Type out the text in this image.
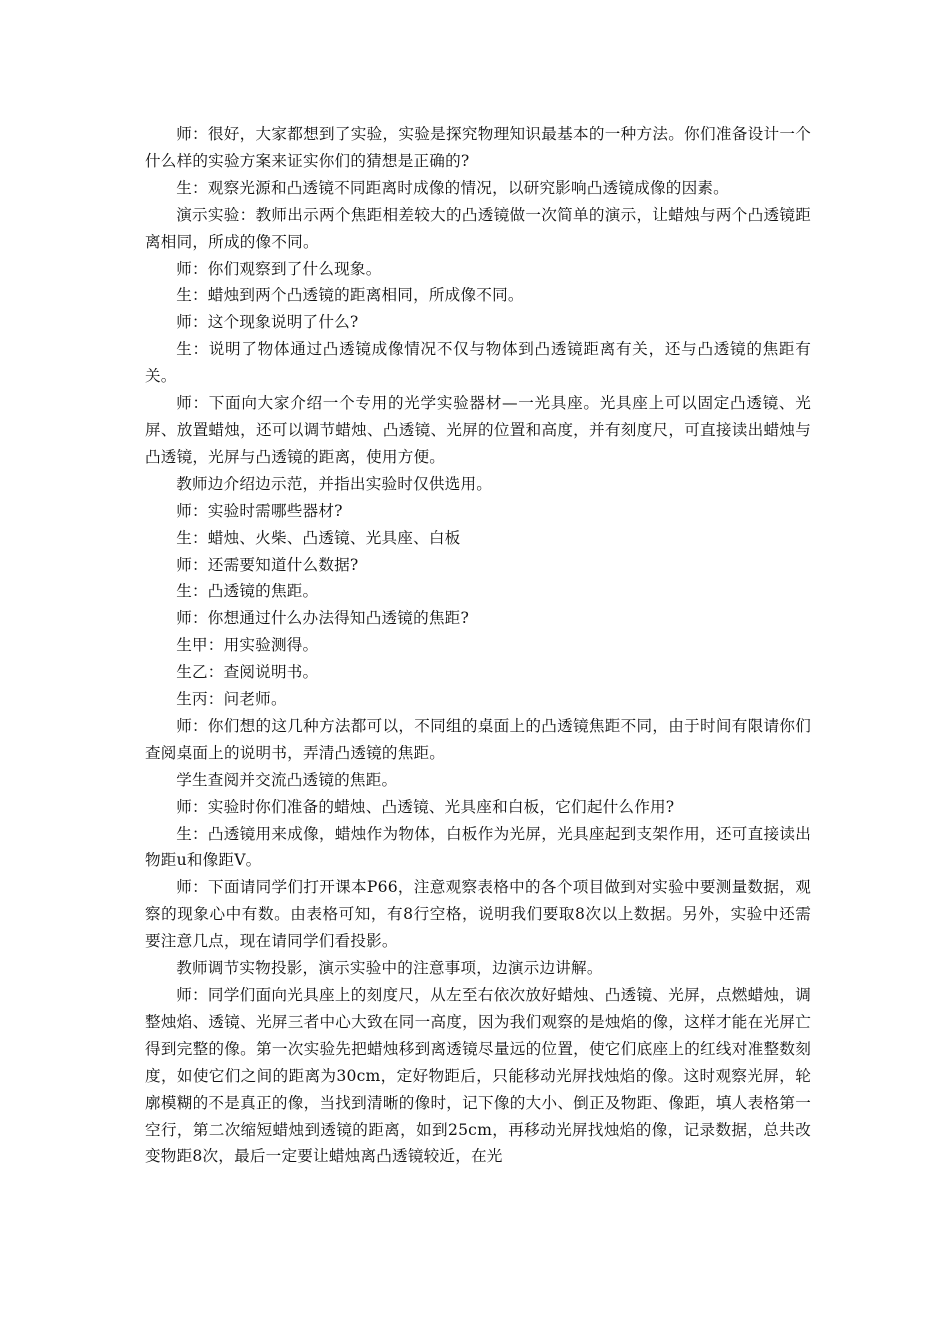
师：很好，大家都想到了实验，实验是探究物理知识最基本的一种方法。你们准备设计一个什么样的实验方案来证实你们的猜想是正确的?

生：观察光源和凸透镜不同距离时成像的情况，以研究影响凸透镜成像的因素。

演示实验：教师出示两个焦距相差较大的凸透镜做一次简单的演示，让蜡烛与两个凸透镜距离相同，所成的像不同。

师：你们观察到了什么现象。

生：蜡烛到两个凸透镜的距离相同，所成像不同。

师：这个现象说明了什么?

生：说明了物体通过凸透镜成像情况不仅与物体到凸透镜距离有关，还与凸透镜的焦距有关。

师：下面向大家介绍一个专用的光学实验器材—一光具座。光具座上可以固定凸透镜、光屏、放置蜡烛，还可以调节蜡烛、凸透镜、光屏的位置和高度，并有刻度尺，可直接读出蜡烛与凸透镜，光屏与凸透镜的距离，使用方便。

教师边介绍边示范，并指出实验时仅供选用。

师：实验时需哪些器材?

生：蜡烛、火柴、凸透镜、光具座、白板

师：还需要知道什么数据?

生：凸透镜的焦距。

师：你想通过什么办法得知凸透镜的焦距?

生甲：用实验测得。

生乙：查阅说明书。

生丙：问老师。

师：你们想的这几种方法都可以，不同组的桌面上的凸透镜焦距不同，由于时间有限请你们查阅桌面上的说明书，弄清凸透镜的焦距。

学生查阅并交流凸透镜的焦距。

师：实验时你们准备的蜡烛、凸透镜、光具座和白板，它们起什么作用?

生：凸透镜用来成像，蜡烛作为物体，白板作为光屏，光具座起到支架作用，还可直接读出物距u和像距V。

师：下面请同学们打开课本P66，注意观察表格中的各个项目做到对实验中要测量数据，观察的现象心中有数。由表格可知，有8行空格，说明我们要取8次以上数据。另外，实验中还需要注意几点，现在请同学们看投影。

教师调节实物投影，演示实验中的注意事项，边演示边讲解。

师：同学们面向光具座上的刻度尺，从左至右依次放好蜡烛、凸透镜、光屏，点燃蜡烛，调整烛焰、透镜、光屏三者中心大致在同一高度，因为我们观察的是烛焰的像，这样才能在光屏亡得到完整的像。第一次实验先把蜡烛移到离透镜尽量远的位置，使它们底座上的红线对准整数刻度，如使它们之间的距离为30cm，定好物距后，只能移动光屏找烛焰的像。这时观察光屏，轮廓模糊的不是真正的像，当找到清晰的像时，记下像的大小、倒正及物距、像距，填人表格第一空行，第二次缩短蜡烛到透镜的距离，如到25cm，再移动光屏找烛焰的像，记录数据，总共改变物距8次，最后一定要让蜡烛离凸透镜较近，在光
